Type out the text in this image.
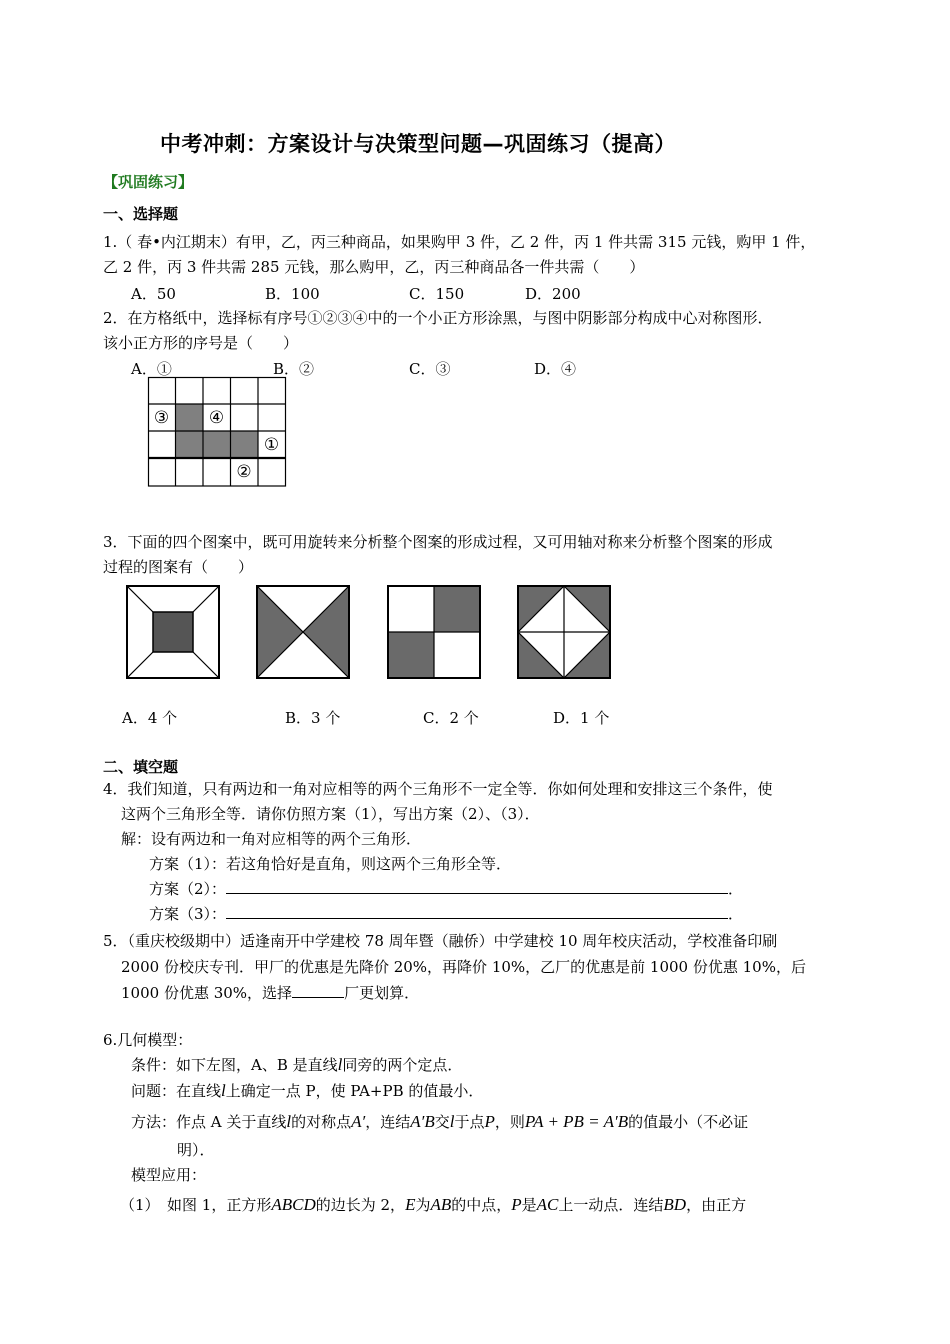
中考冲刺：方案设计与决策型问题—巩固练习（提高）
【巩固练习】
一、选择题
1.（ 春•内江期末）有甲，乙，丙三种商品，如果购甲 3 件，乙 2 件，丙 1 件共需 315 元钱，购甲 1 件，
乙 2 件，丙 3 件共需 285 元钱，那么购甲，乙，丙三种商品各一件共需（　　）
A．50	B．100	C．150	D．200
2．在方格纸中，选择标有序号①②③④中的一个小正方形涂黑，与图中阴影部分构成中心对称图形．
该小正方形的序号是（　　）
A．①	B．②	C．③	D．④
③ ④
①
②
3．下面的四个图案中，既可用旋转来分析整个图案的形成过程，又可用轴对称来分析整个图案的形成
过程的图案有（　　）
A．4 个	B．3 个	C．2 个	D．1 个
二、填空题
4．我们知道，只有两边和一角对应相等的两个三角形不一定全等．你如何处理和安排这三个条件，使
这两个三角形全等．请你仿照方案（1），写出方案（2）、（3）．
解：设有两边和一角对应相等的两个三角形．
方案（1）：若这角恰好是直角，则这两个三角形全等．
方案（2）：	．
方案（3）：	．
5．（重庆校级期中）适逢南开中学建校 78 周年暨（融侨）中学建校 10 周年校庆活动，学校准备印刷
2000 份校庆专刊．甲厂的优惠是先降价 20%，再降价 10%，乙厂的优惠是前 1000 份优惠 10%，后
1000 份优惠 30%，选择	厂更划算．
6.几何模型：
条件：如下左图，A、B 是直线l同旁的两个定点．
问题：在直线l上确定一点 P，使 PA+PB 的值最小．
方法：作点 A 关于直线l的对称点A′，连结A′B交l于点P，则PA + PB = A′B的值最小（不必证
明）．
模型应用：
（1）　如图 1，正方形ABCD的边长为 2，E为AB的中点，P是AC上一动点．连结BD，由正方
